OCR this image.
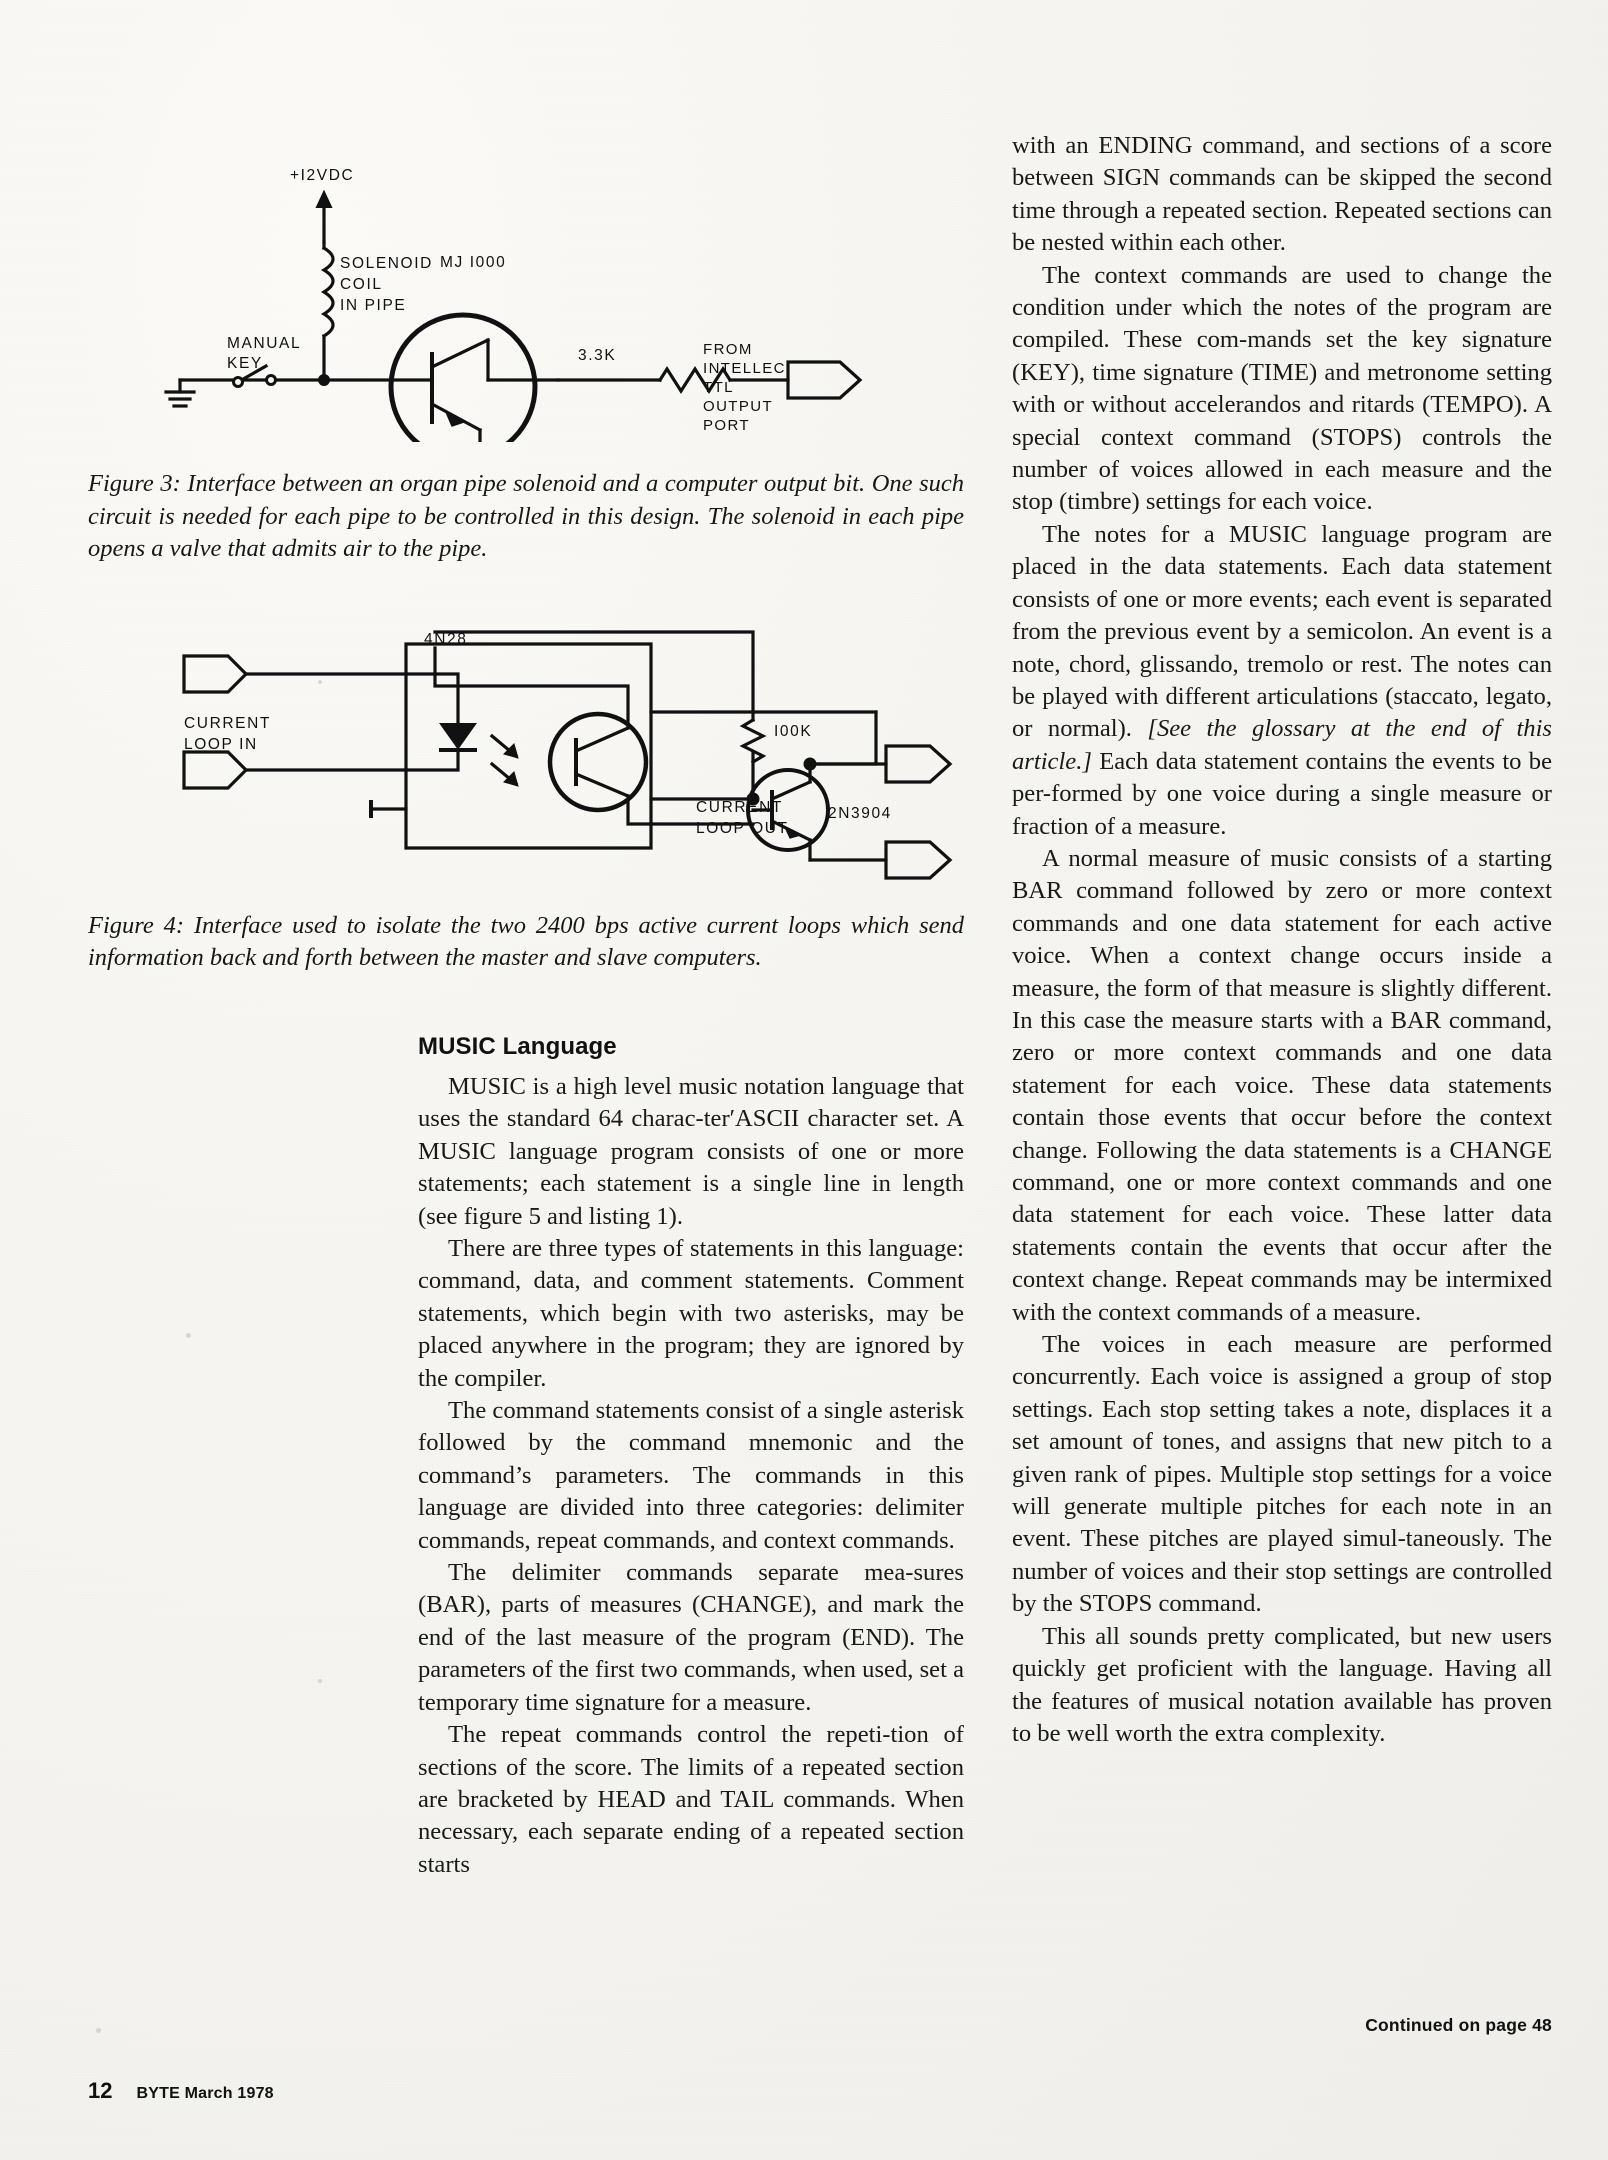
+I2VDC
MANUAL
KEY
SOLENOID
COIL
IN PIPE
MJ I000
3.3K	FROM
INTELLEC
TTL
OUTPUT
PORT
Figure 3: Interface between an organ pipe solenoid and a computer output bit. One such circuit is needed for each pipe to be controlled in this design. The solenoid in each pipe opens a valve that admits air to the pipe.
4N28
CURRENT
LOOP IN
I00K
2N3904
CURRENT
LOOP OUT
Figure 4: Interface used to isolate the two 2400 bps active current loops which send information back and forth between the master and slave computers.
MUSIC Language

MUSIC is a high level music notation language that uses the standard 64 charac-ter′ASCII character set. A MUSIC language program consists of one or more statements; each statement is a single line in length (see figure 5 and listing 1).

There are three types of statements in this language: command, data, and comment statements. Comment statements, which begin with two asterisks, may be placed anywhere in the program; they are ignored by the compiler.

The command statements consist of a single asterisk followed by the command mnemonic and the command’s parameters. The commands in this language are divided into three categories: delimiter commands, repeat commands, and context commands.

The delimiter commands separate mea-sures (BAR), parts of measures (CHANGE), and mark the end of the last measure of the program (END). The parameters of the first two commands, when used, set a temporary time signature for a measure.

The repeat commands control the repeti-tion of sections of the score. The limits of a repeated section are bracketed by HEAD and TAIL commands. When necessary, each separate ending of a repeated section starts

with an ENDING command, and sections of a score between SIGN commands can be skipped the second time through a repeated section. Repeated sections can be nested within each other.

The context commands are used to change the condition under which the notes of the program are compiled. These com-mands set the key signature (KEY), time signature (TIME) and metronome setting with or without accelerandos and ritards (TEMPO). A special context command (STOPS) controls the number of voices allowed in each measure and the stop (timbre) settings for each voice.

The notes for a MUSIC language program are placed in the data statements. Each data statement consists of one or more events; each event is separated from the previous event by a semicolon. An event is a note, chord, glissando, tremolo or rest. The notes can be played with different articulations (staccato, legato, or normal). [See the glossary at the end of this article.] Each data statement contains the events to be per-formed by one voice during a single measure or fraction of a measure.

A normal measure of music consists of a starting BAR command followed by zero or more context commands and one data statement for each active voice. When a context change occurs inside a measure, the form of that measure is slightly different. In this case the measure starts with a BAR command, zero or more context commands and one data statement for each voice. These data statements contain those events that occur before the context change. Following the data statements is a CHANGE command, one or more context commands and one data statement for each voice. These latter data statements contain the events that occur after the context change. Repeat commands may be intermixed with the context commands of a measure.

The voices in each measure are performed concurrently. Each voice is assigned a group of stop settings. Each stop setting takes a note, displaces it a set amount of tones, and assigns that new pitch to a given rank of pipes. Multiple stop settings for a voice will generate multiple pitches for each note in an event. These pitches are played simul-taneously. The number of voices and their stop settings are controlled by the STOPS command.

This all sounds pretty complicated, but new users quickly get proficient with the language. Having all the features of musical notation available has proven to be well worth the extra complexity.

Continued on page 48
12 BYTE March 1978
